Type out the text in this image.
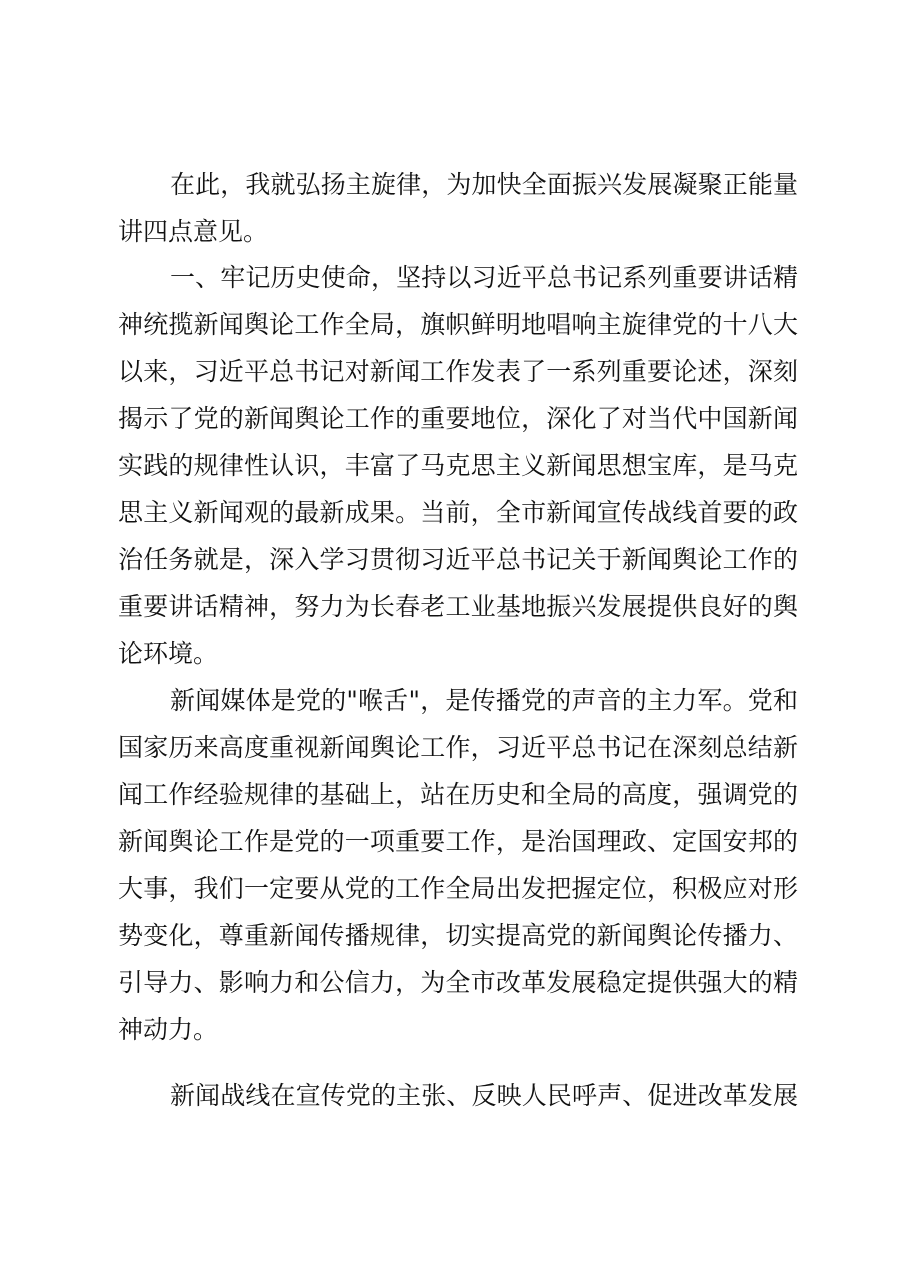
在此，我就弘扬主旋律，为加快全面振兴发展凝聚正能量
讲四点意见。
一、牢记历史使命，坚持以习近平总书记系列重要讲话精
神统揽新闻舆论工作全局，旗帜鲜明地唱响主旋律党的十八大
以来，习近平总书记对新闻工作发表了一系列重要论述，深刻
揭示了党的新闻舆论工作的重要地位，深化了对当代中国新闻
实践的规律性认识，丰富了马克思主义新闻思想宝库，是马克
思主义新闻观的最新成果。当前，全市新闻宣传战线首要的政
治任务就是，深入学习贯彻习近平总书记关于新闻舆论工作的
重要讲话精神，努力为长春老工业基地振兴发展提供良好的舆
论环境。
新闻媒体是党的"喉舌"，是传播党的声音的主力军。党和
国家历来高度重视新闻舆论工作，习近平总书记在深刻总结新
闻工作经验规律的基础上，站在历史和全局的高度，强调党的
新闻舆论工作是党的一项重要工作，是治国理政、定国安邦的
大事，我们一定要从党的工作全局出发把握定位，积极应对形
势变化，尊重新闻传播规律，切实提高党的新闻舆论传播力、
引导力、影响力和公信力，为全市改革发展稳定提供强大的精
神动力。
新闻战线在宣传党的主张、反映人民呼声、促进改革发展
